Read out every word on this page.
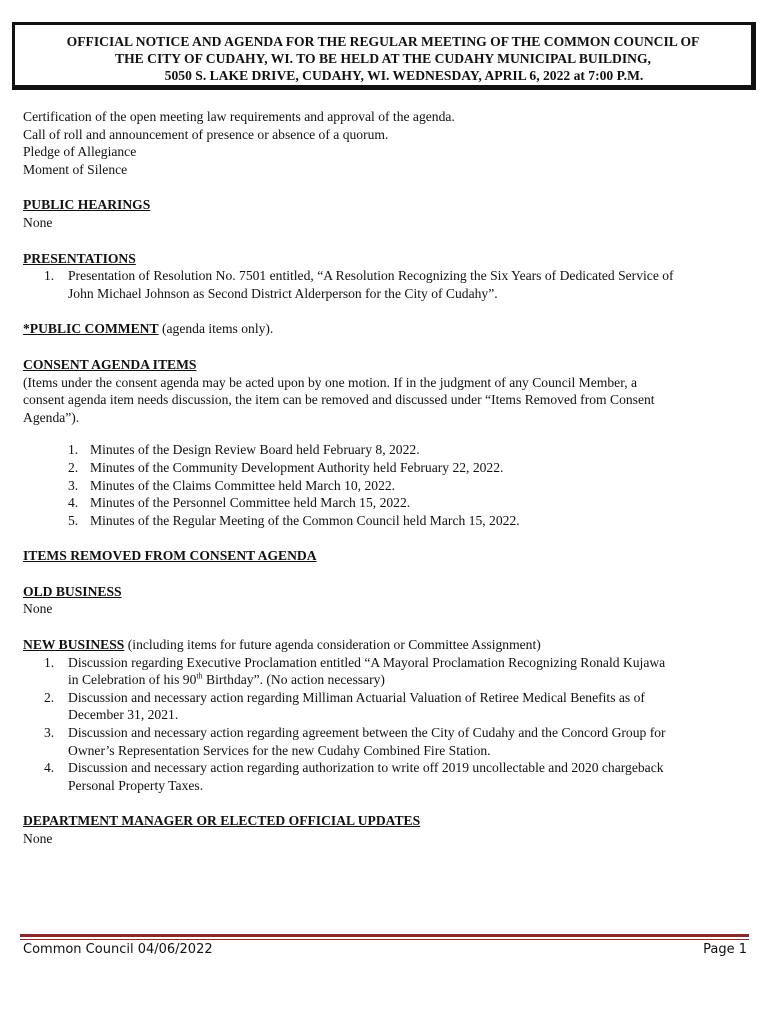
OFFICIAL NOTICE AND AGENDA FOR THE REGULAR MEETING OF THE COMMON COUNCIL OF
THE CITY OF CUDAHY, WI. TO BE HELD AT THE CUDAHY MUNICIPAL BUILDING,
5050 S. LAKE DRIVE, CUDAHY, WI. WEDNESDAY, APRIL 6, 2022 at 7:00 P.M.
Certification of the open meeting law requirements and approval of the agenda.
Call of roll and announcement of presence or absence of a quorum.
Pledge of Allegiance
Moment of Silence
PUBLIC HEARINGS
None
PRESENTATIONS
1. Presentation of Resolution No. 7501 entitled, “A Resolution Recognizing the Six Years of Dedicated Service of
John Michael Johnson as Second District Alderperson for the City of Cudahy”.
*PUBLIC COMMENT (agenda items only).
CONSENT AGENDA ITEMS
(Items under the consent agenda may be acted upon by one motion. If in the judgment of any Council Member, a
consent agenda item needs discussion, the item can be removed and discussed under “Items Removed from Consent
Agenda”).
1. Minutes of the Design Review Board held February 8, 2022.
2. Minutes of the Community Development Authority held February 22, 2022.
3. Minutes of the Claims Committee held March 10, 2022.
4. Minutes of the Personnel Committee held March 15, 2022.
5. Minutes of the Regular Meeting of the Common Council held March 15, 2022.
ITEMS REMOVED FROM CONSENT AGENDA
OLD BUSINESS
None
NEW BUSINESS (including items for future agenda consideration or Committee Assignment)
1. Discussion regarding Executive Proclamation entitled “A Mayoral Proclamation Recognizing Ronald Kujawa
in Celebration of his 90th Birthday”. (No action necessary)
2. Discussion and necessary action regarding Milliman Actuarial Valuation of Retiree Medical Benefits as of
December 31, 2021.
3. Discussion and necessary action regarding agreement between the City of Cudahy and the Concord Group for
Owner’s Representation Services for the new Cudahy Combined Fire Station.
4. Discussion and necessary action regarding authorization to write off 2019 uncollectable and 2020 chargeback
Personal Property Taxes.
DEPARTMENT MANAGER OR ELECTED OFFICIAL UPDATES
None
Common Council 04/06/2022	Page 1
